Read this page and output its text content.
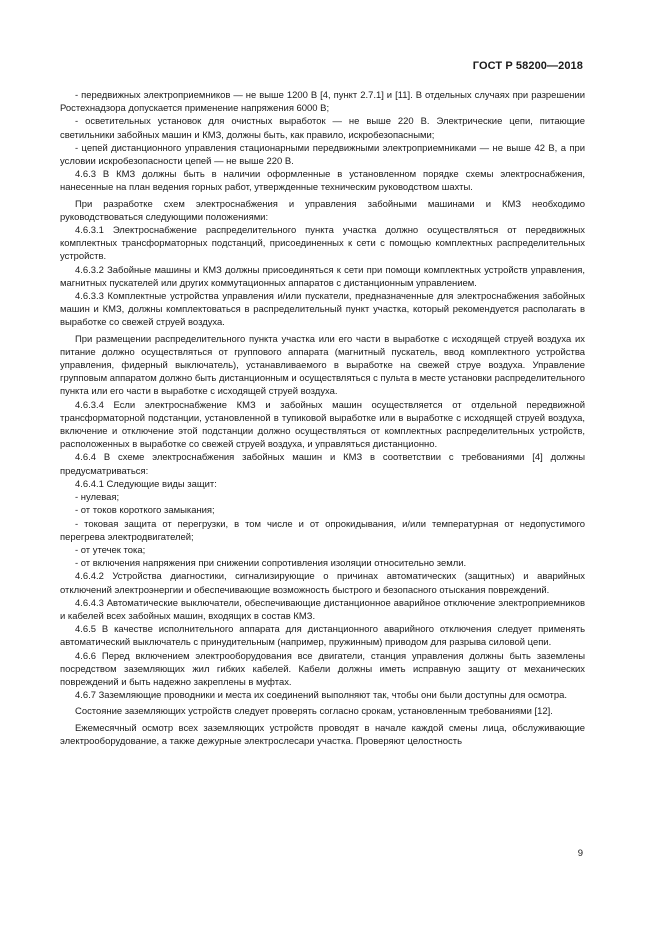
ГОСТ Р 58200—2018

- передвижных электроприемников — не выше 1200 В [4, пункт 2.7.1] и [11]. В отдельных случаях при разрешении Ростехнадзора допускается применение напряжения 6000 В;

- осветительных установок для очистных выработок — не выше 220 В. Электрические цепи, питающие светильники забойных машин и КМЗ, должны быть, как правило, искробезопасными;

- цепей дистанционного управления стационарными передвижными электроприемниками — не выше 42 В, а при условии искробезопасности цепей — не выше 220 В.

4.6.3 В КМЗ должны быть в наличии оформленные в установленном порядке схемы электроснабжения, нанесенные на план ведения горных работ, утвержденные техническим руководством шахты.

При разработке схем электроснабжения и управления забойными машинами и КМЗ необходимо руководствоваться следующими положениями:

4.6.3.1 Электроснабжение распределительного пункта участка должно осуществляться от передвижных комплектных трансформаторных подстанций, присоединенных к сети с помощью комплектных распределительных устройств.

4.6.3.2 Забойные машины и КМЗ должны присоединяться к сети при помощи комплектных устройств управления, магнитных пускателей или других коммутационных аппаратов с дистанционным управлением.

4.6.3.3 Комплектные устройства управления и/или пускатели, предназначенные для электроснабжения забойных машин и КМЗ, должны комплектоваться в распределительный пункт участка, который рекомендуется располагать в выработке со свежей струей воздуха.

При размещении распределительного пункта участка или его части в выработке с исходящей струей воздуха их питание должно осуществляться от группового аппарата (магнитный пускатель, ввод комплектного устройства управления, фидерный выключатель), устанавливаемого в выработке на свежей струе воздуха. Управление групповым аппаратом должно быть дистанционным и осуществляться с пульта в месте установки распределительного пункта или его части в выработке с исходящей струей воздуха.

4.6.3.4 Если электроснабжение КМЗ и забойных машин осуществляется от отдельной передвижной трансформаторной подстанции, установленной в тупиковой выработке или в выработке с исходящей струей воздуха, включение и отключение этой подстанции должно осуществляться от комплектных распределительных устройств, расположенных в выработке со свежей струей воздуха, и управляться дистанционно.

4.6.4 В схеме электроснабжения забойных машин и КМЗ в соответствии с требованиями [4] должны предусматриваться:

4.6.4.1 Следующие виды защит:

- нулевая;

- от токов короткого замыкания;

- токовая защита от перегрузки, в том числе и от опрокидывания, и/или температурная от недопустимого перегрева электродвигателей;

- от утечек тока;

- от включения напряжения при снижении сопротивления изоляции относительно земли.

4.6.4.2 Устройства диагностики, сигнализирующие о причинах автоматических (защитных) и аварийных отключений электроэнергии и обеспечивающие возможность быстрого и безопасного отыскания повреждений.

4.6.4.3 Автоматические выключатели, обеспечивающие дистанционное аварийное отключение электроприемников и кабелей всех забойных машин, входящих в состав КМЗ.

4.6.5 В качестве исполнительного аппарата для дистанционного аварийного отключения следует применять автоматический выключатель с принудительным (например, пружинным) приводом для разрыва силовой цепи.

4.6.6 Перед включением электрооборудования все двигатели, станция управления должны быть заземлены посредством заземляющих жил гибких кабелей. Кабели должны иметь исправную защиту от механических повреждений и быть надежно закреплены в муфтах.

4.6.7 Заземляющие проводники и места их соединений выполняют так, чтобы они были доступны для осмотра.

Состояние заземляющих устройств следует проверять согласно срокам, установленным требованиями [12].

Ежемесячный осмотр всех заземляющих устройств проводят в начале каждой смены лица, обслуживающие электрооборудование, а также дежурные электрослесари участка. Проверяют целостность

9
